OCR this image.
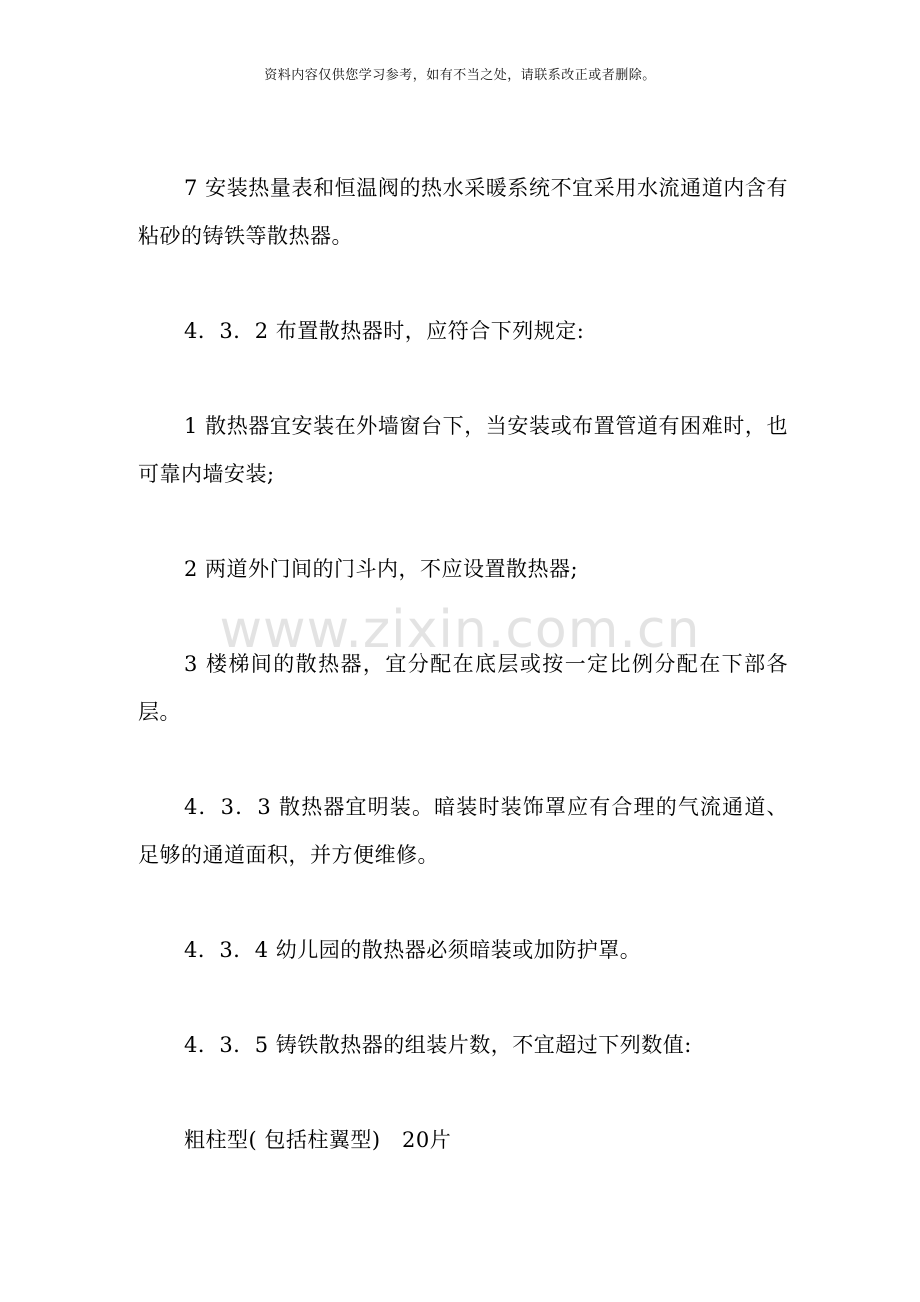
资料内容仅供您学习参考，如有不当之处，请联系改正或者删除。
www.zixin.com.cn

7 安装热量表和恒温阀的热水采暖系统不宜采用水流通道内含有粘砂的铸铁等散热器。

4．3．2 布置散热器时，应符合下列规定:

1 散热器宜安装在外墙窗台下，当安装或布置管道有困难时，也可靠内墙安装;

2 两道外门间的门斗内，不应设置散热器;

3 楼梯间的散热器，宜分配在底层或按一定比例分配在下部各层。

4．3．3 散热器宜明装。暗装时装饰罩应有合理的气流通道、足够的通道面积，并方便维修。

4．3．4 幼儿园的散热器必须暗装或加防护罩。

4．3．5 铸铁散热器的组装片数，不宜超过下列数值:

粗柱型( 包括柱翼型)　20片
